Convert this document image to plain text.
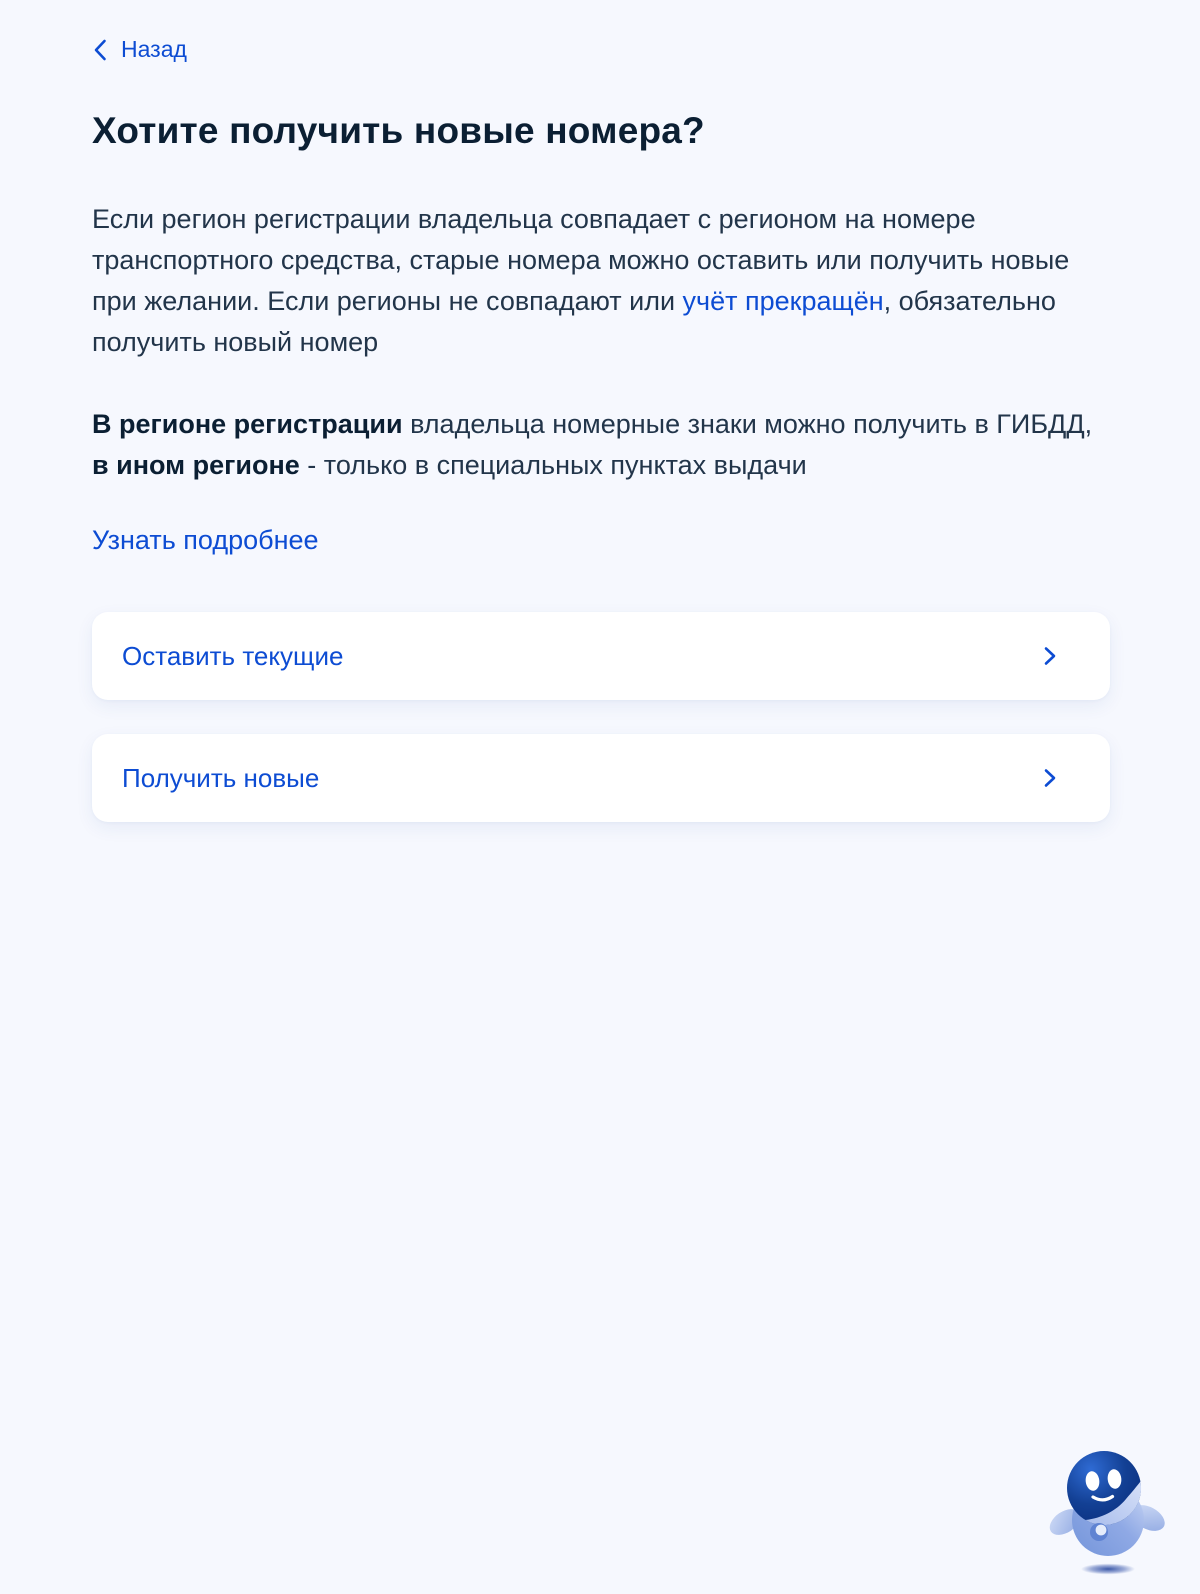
Назад
Хотите получить новые номера?

Если регион регистрации владельца совпадает с регионом на номере транспортного средства, старые номера можно оставить или получить новые при желании. Если регионы не совпадают или учёт прекращён, обязательно получить новый номер

В регионе регистрации владельца номерные знаки можно получить в ГИБДД, в ином регионе - только в специальных пунктах выдачи

Узнать подробнее
Оставить текущие
Получить новые
